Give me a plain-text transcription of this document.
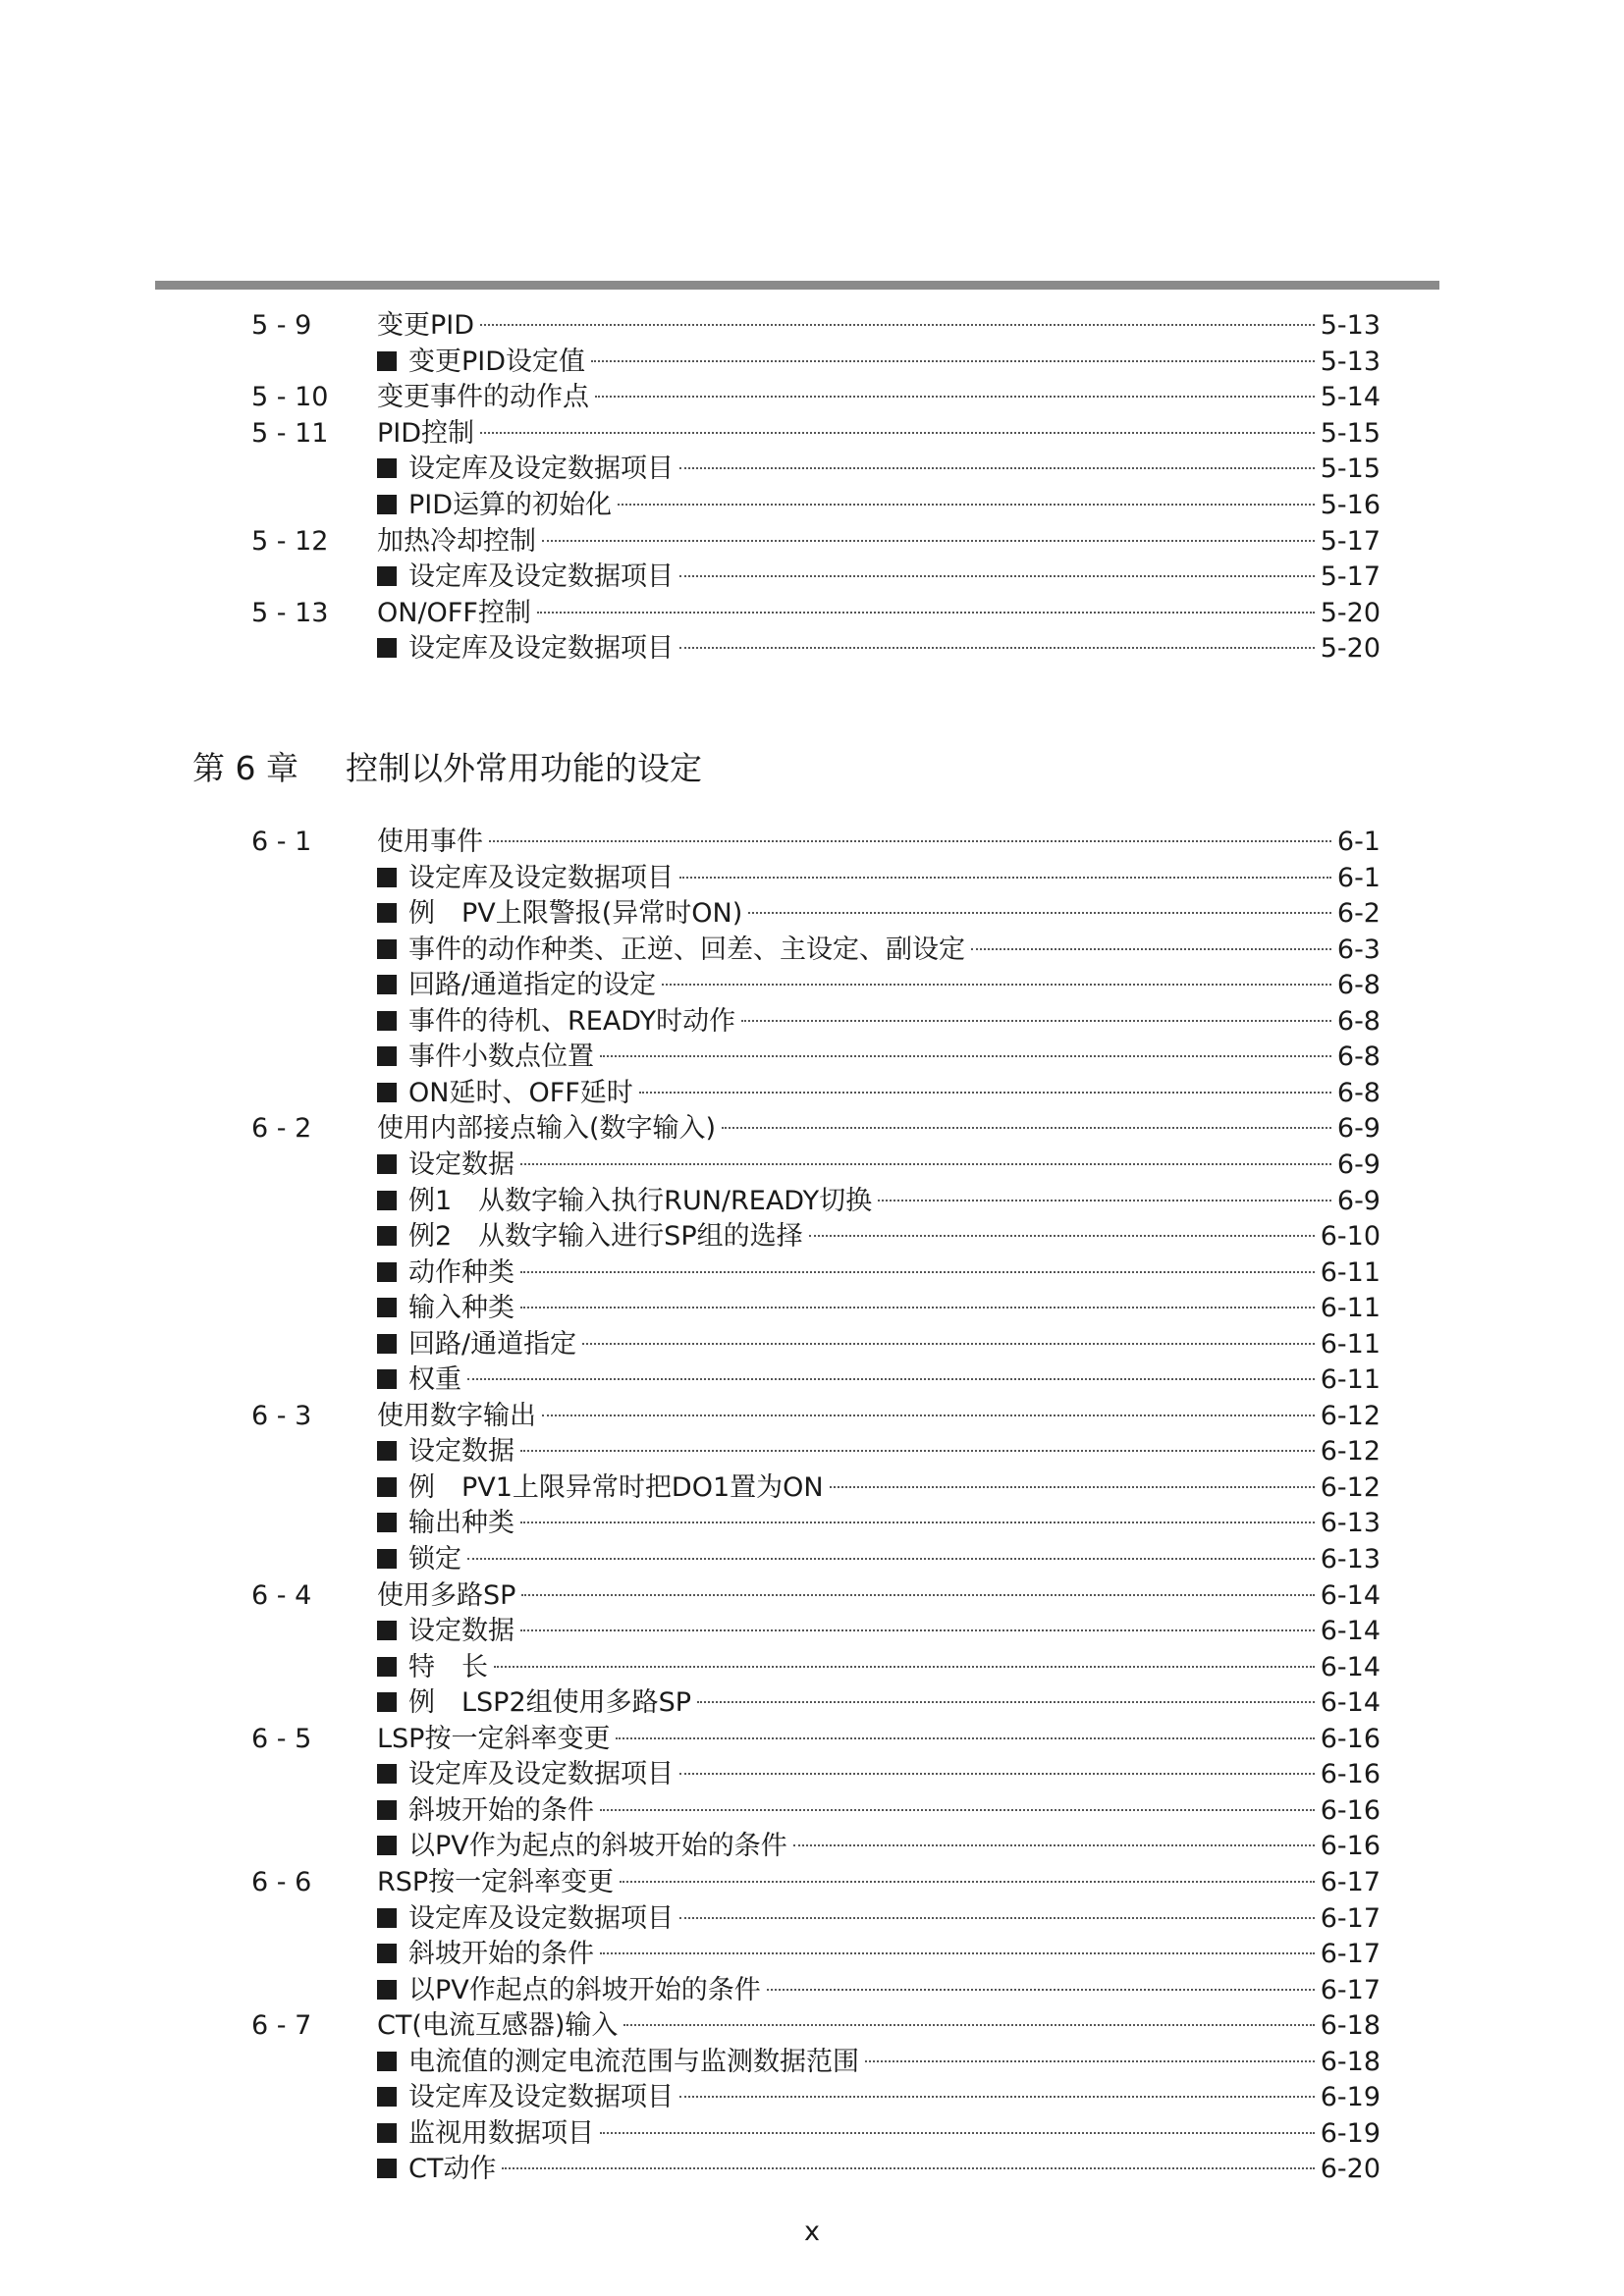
5 - 9 变更PID	5-13
变更PID设定值	5-13
5 - 10 变更事件的动作点	5-14
5 - 11 PID控制	5-15
设定库及设定数据项目	5-15
PID运算的初始化	5-16
5 - 12 加热冷却控制	5-17
设定库及设定数据项目	5-17
5 - 13 ON/OFF控制	5-20
设定库及设定数据项目	5-20
第 6 章 控制以外常用功能的设定
6 - 1 使用事件	6-1
设定库及设定数据项目	6-1
例　PV上限警报(异常时ON)	6-2
事件的动作种类、正逆、回差、主设定、副设定	6-3
回路/通道指定的设定	6-8
事件的待机、READY时动作	6-8
事件小数点位置	6-8
ON延时、OFF延时	6-8
6 - 2 使用内部接点输入(数字输入)	6-9
设定数据	6-9
例1　从数字输入执行RUN/READY切换	6-9
例2　从数字输入进行SP组的选择	6-10
动作种类	6-11
输入种类	6-11
回路/通道指定	6-11
权重	6-11
6 - 3 使用数字输出	6-12
设定数据	6-12
例　PV1上限异常时把DO1置为ON	6-12
输出种类	6-13
锁定	6-13
6 - 4 使用多路SP	6-14
设定数据	6-14
特　长	6-14
例　LSP2组使用多路SP	6-14
6 - 5 LSP按一定斜率变更	6-16
设定库及设定数据项目	6-16
斜坡开始的条件	6-16
以PV作为起点的斜坡开始的条件	6-16
6 - 6 RSP按一定斜率变更	6-17
设定库及设定数据项目	6-17
斜坡开始的条件	6-17
以PV作起点的斜坡开始的条件	6-17
6 - 7 CT(电流互感器)输入	6-18
电流值的测定电流范围与监测数据范围	6-18
设定库及设定数据项目	6-19
监视用数据项目	6-19
CT动作	6-20
x
